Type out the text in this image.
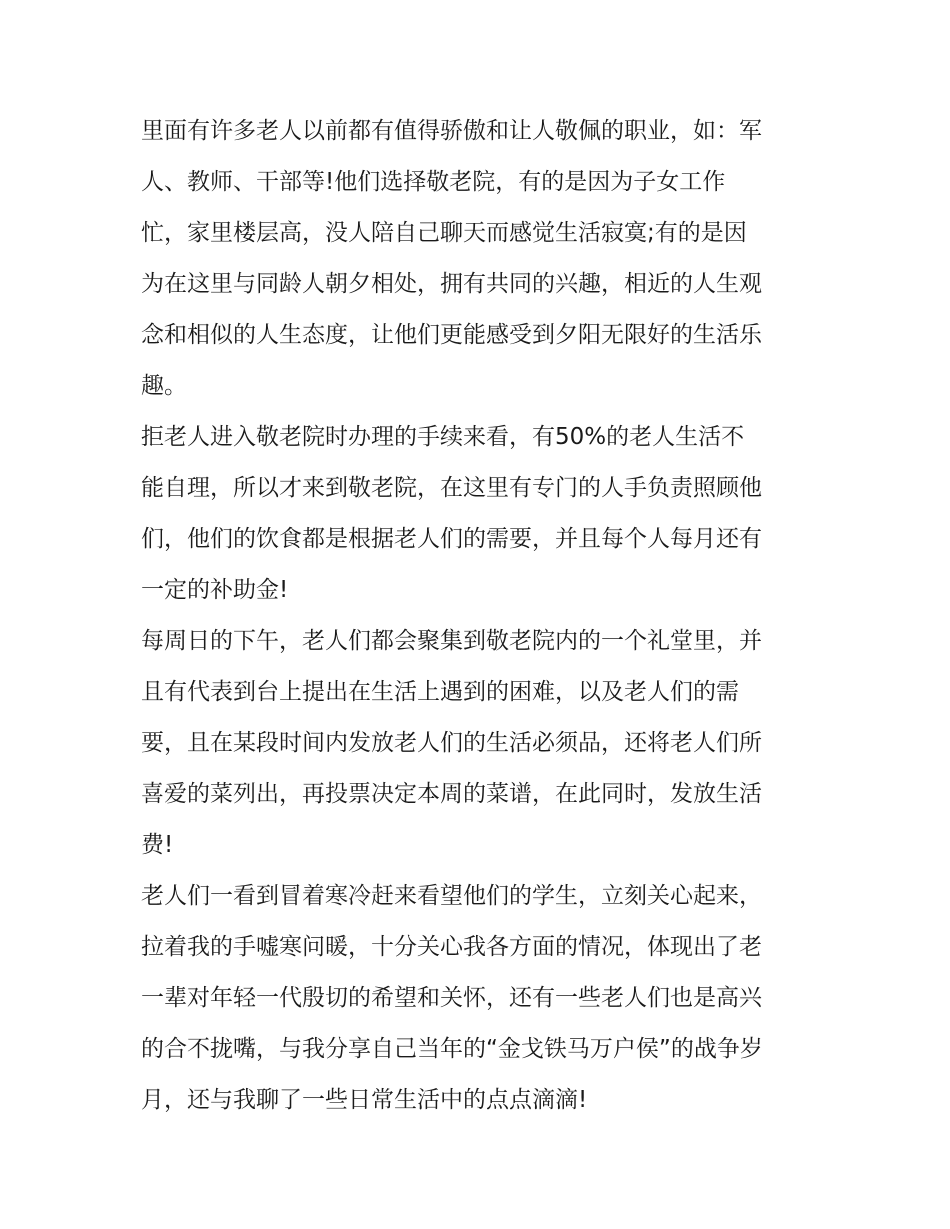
里面有许多老人以前都有值得骄傲和让人敬佩的职业，如：军
人、教师、干部等!他们选择敬老院，有的是因为子女工作
忙，家里楼层高，没人陪自己聊天而感觉生活寂寞;有的是因
为在这里与同龄人朝夕相处，拥有共同的兴趣，相近的人生观
念和相似的人生态度，让他们更能感受到夕阳无限好的生活乐
趣。
拒老人进入敬老院时办理的手续来看，有50%的老人生活不
能自理，所以才来到敬老院，在这里有专门的人手负责照顾他
们，他们的饮食都是根据老人们的需要，并且每个人每月还有
一定的补助金!
每周日的下午，老人们都会聚集到敬老院内的一个礼堂里，并
且有代表到台上提出在生活上遇到的困难，以及老人们的需
要，且在某段时间内发放老人们的生活必须品，还将老人们所
喜爱的菜列出，再投票决定本周的菜谱，在此同时，发放生活
费!
老人们一看到冒着寒冷赶来看望他们的学生，立刻关心起来，
拉着我的手嘘寒问暖，十分关心我各方面的情况，体现出了老
一辈对年轻一代殷切的希望和关怀，还有一些老人们也是高兴
的合不拢嘴，与我分享自己当年的“金戈铁马万户侯”的战争岁
月，还与我聊了一些日常生活中的点点滴滴!
